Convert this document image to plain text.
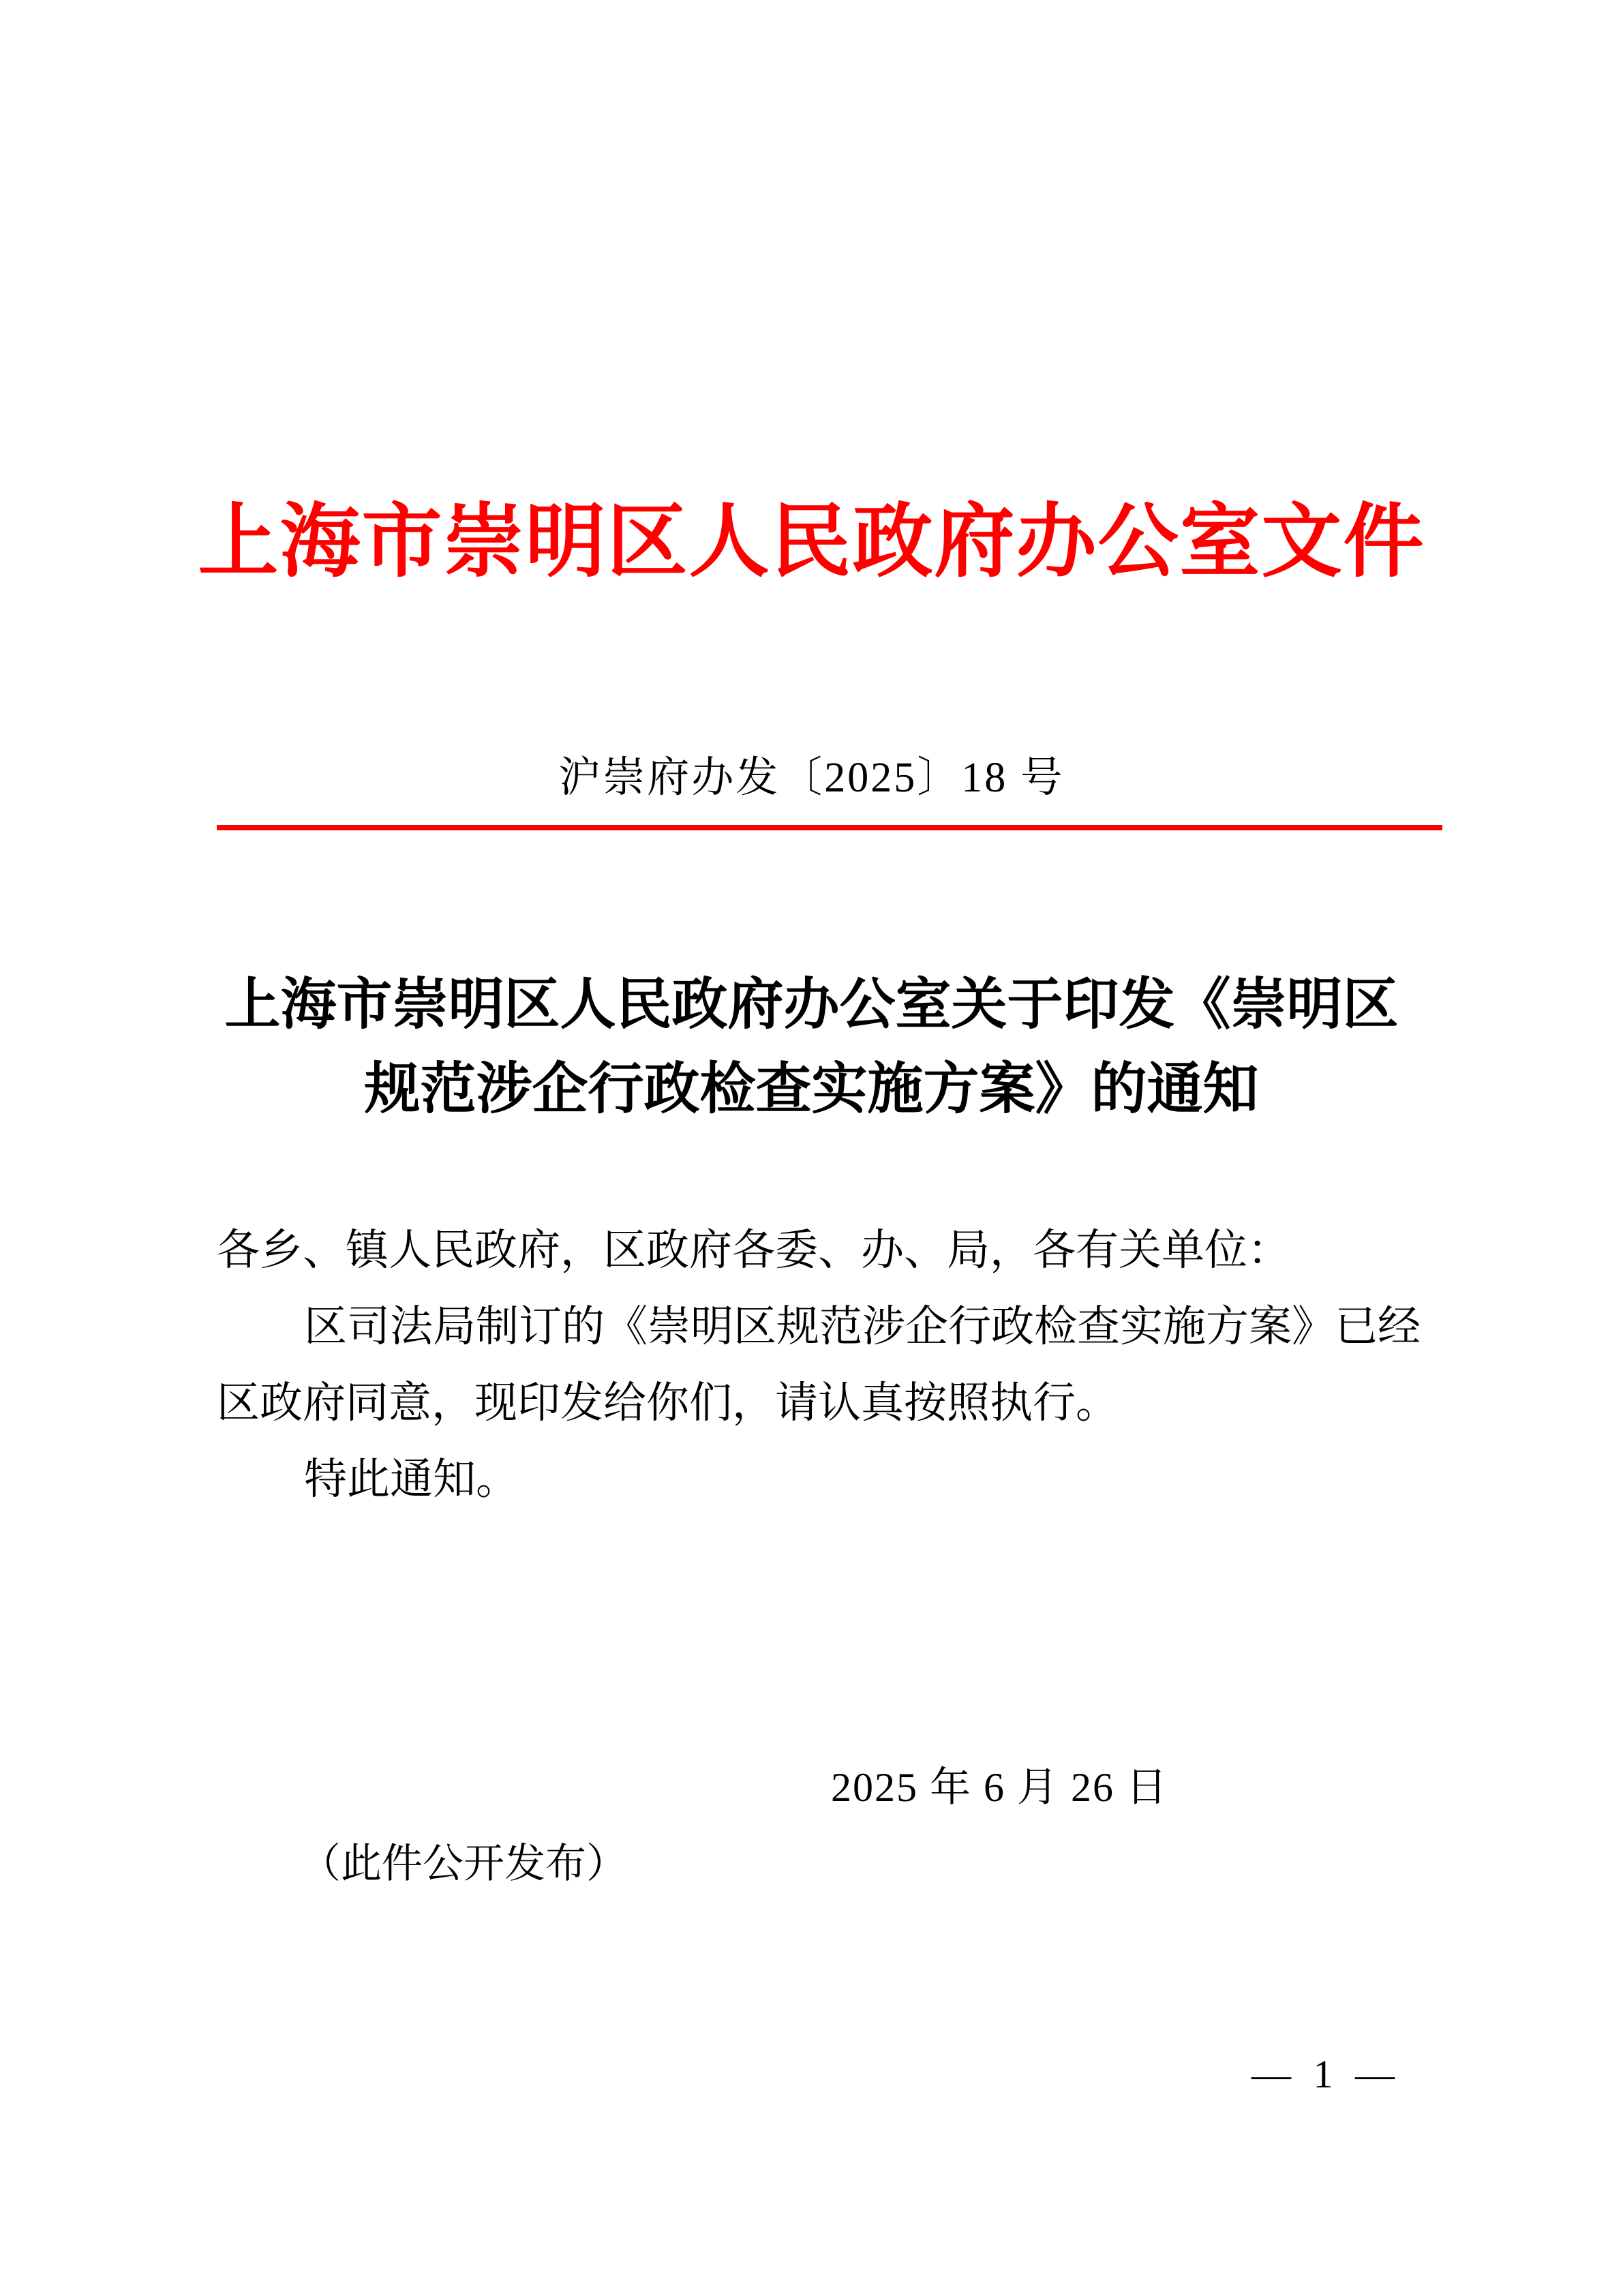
上海市崇明区人民政府办公室文件
沪崇府办发〔2025〕18 号
上海市崇明区人民政府办公室关于印发《崇明区
规范涉企行政检查实施方案》的通知
各乡、镇人民政府，区政府各委、办、局，各有关单位：
区司法局制订的《崇明区规范涉企行政检查实施方案》已经
区政府同意，现印发给你们，请认真按照执行。
特此通知。
2025 年 6 月 26 日
（此件公开发布）
— 1 —
